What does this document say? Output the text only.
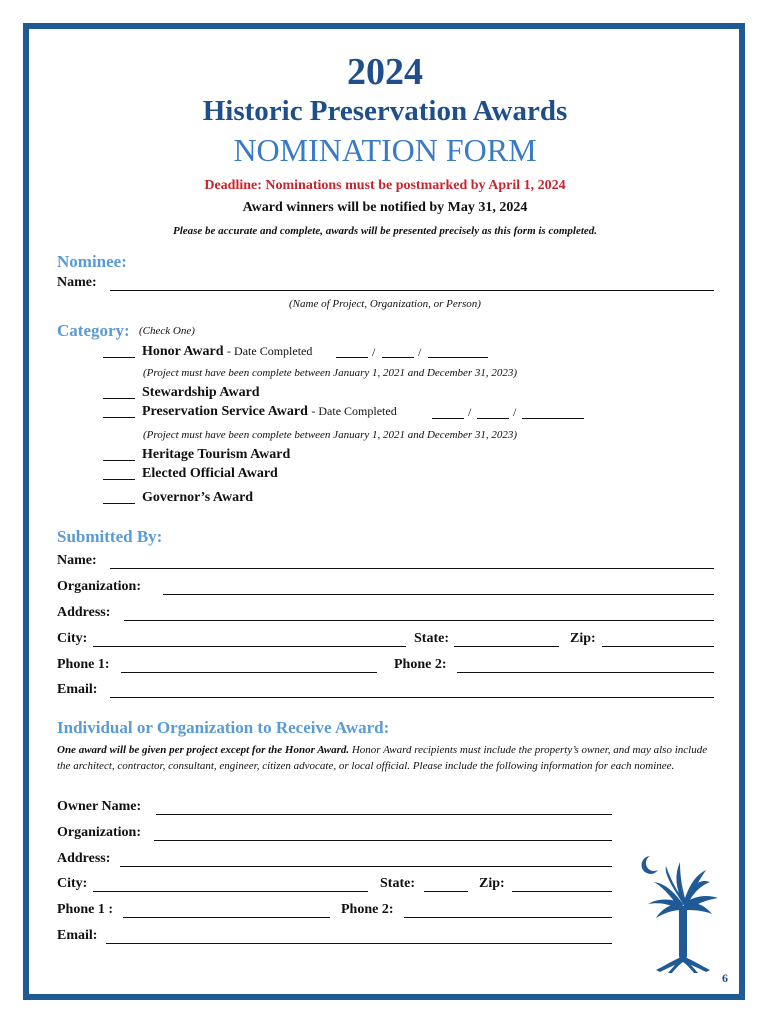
2024
Historic Preservation Awards
NOMINATION FORM
Deadline: Nominations must be postmarked by April 1, 2024
Award winners will be notified by May 31, 2024
Please be accurate and complete, awards will be presented precisely as this form is completed.
Nominee:
Name:
(Name of Project, Organization, or Person)
Category: (Check One)
Honor Award - Date Completed	/	/
(Project must have been complete between January 1, 2021 and December 31, 2023)
Stewardship Award
Preservation Service Award - Date Completed	/	/
(Project must have been complete between January 1, 2021 and December 31, 2023)
Heritage Tourism Award
Elected Official Award
Governor’s Award
Submitted By:
Name:
Organization:
Address:
City:	State:	Zip:
Phone 1:	Phone 2:
Email:
Individual or Organization to Receive Award:
One award will be given per project except for the Honor Award. Honor Award recipients must include the property’s owner, and may also include the architect, contractor, consultant, engineer, citizen advocate, or local official. Please include the following information for each nominee.
Owner Name:
Organization:
Address:
City:	State:	Zip:
Phone 1 :	Phone 2:
Email:
6
